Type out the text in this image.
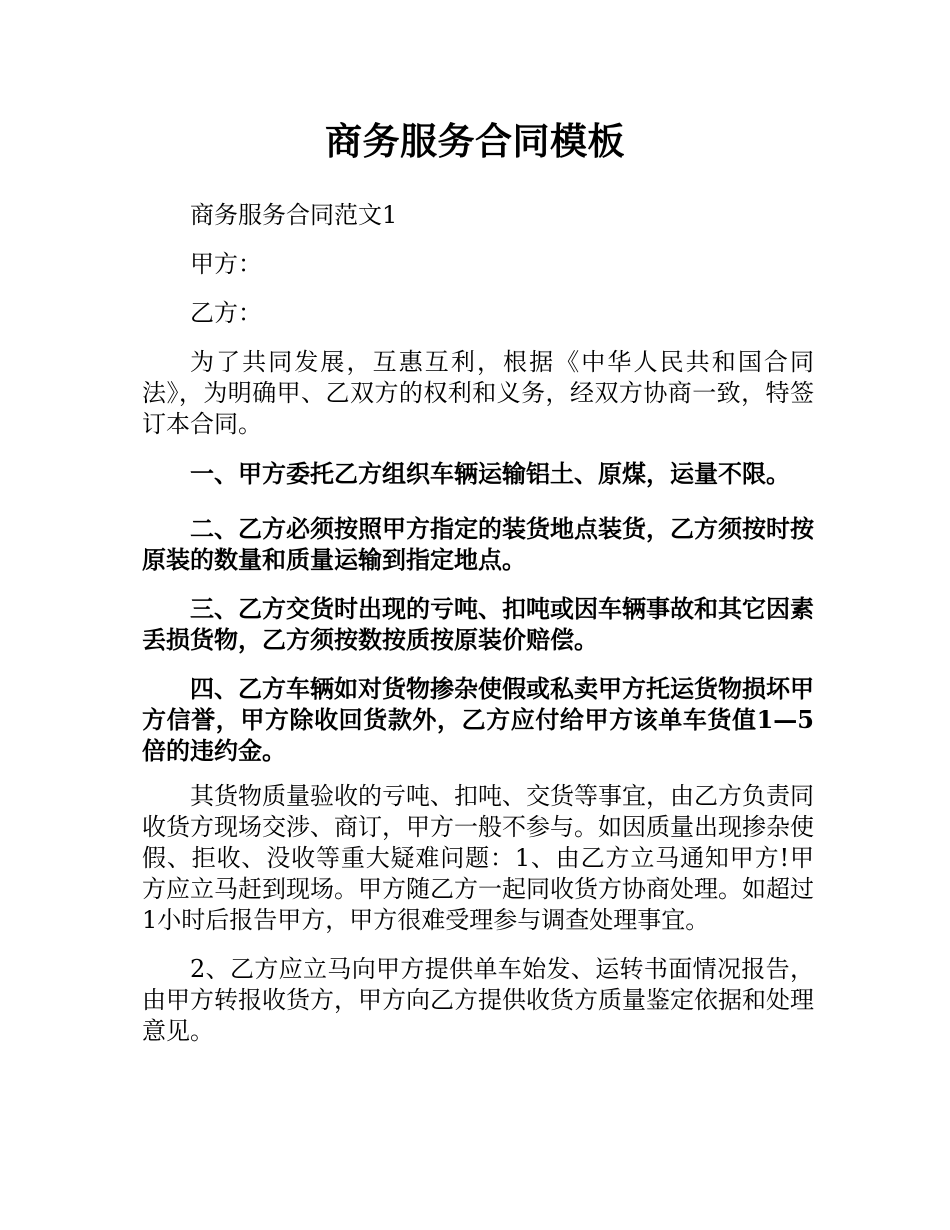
商务服务合同模板

商务服务合同范文1

甲方：

乙方：

为了共同发展，互惠互利，根据《中华人民共和国合同法》，为明确甲、乙双方的权利和义务，经双方协商一致，特签订本合同。

一、甲方委托乙方组织车辆运输铝土、原煤，运量不限。

二、乙方必须按照甲方指定的装货地点装货，乙方须按时按原装的数量和质量运输到指定地点。

三、乙方交货时出现的亏吨、扣吨或因车辆事故和其它因素丢损货物，乙方须按数按质按原装价赔偿。

四、乙方车辆如对货物掺杂使假或私卖甲方托运货物损坏甲方信誉，甲方除收回货款外，乙方应付给甲方该单车货值1—5倍的违约金。

其货物质量验收的亏吨、扣吨、交货等事宜，由乙方负责同收货方现场交涉、商订，甲方一般不参与。如因质量出现掺杂使假、拒收、没收等重大疑难问题：1、由乙方立马通知甲方!甲方应立马赶到现场。甲方随乙方一起同收货方协商处理。如超过1小时后报告甲方，甲方很难受理参与调查处理事宜。

2、乙方应立马向甲方提供单车始发、运转书面情况报告，由甲方转报收货方，甲方向乙方提供收货方质量鉴定依据和处理意见。
